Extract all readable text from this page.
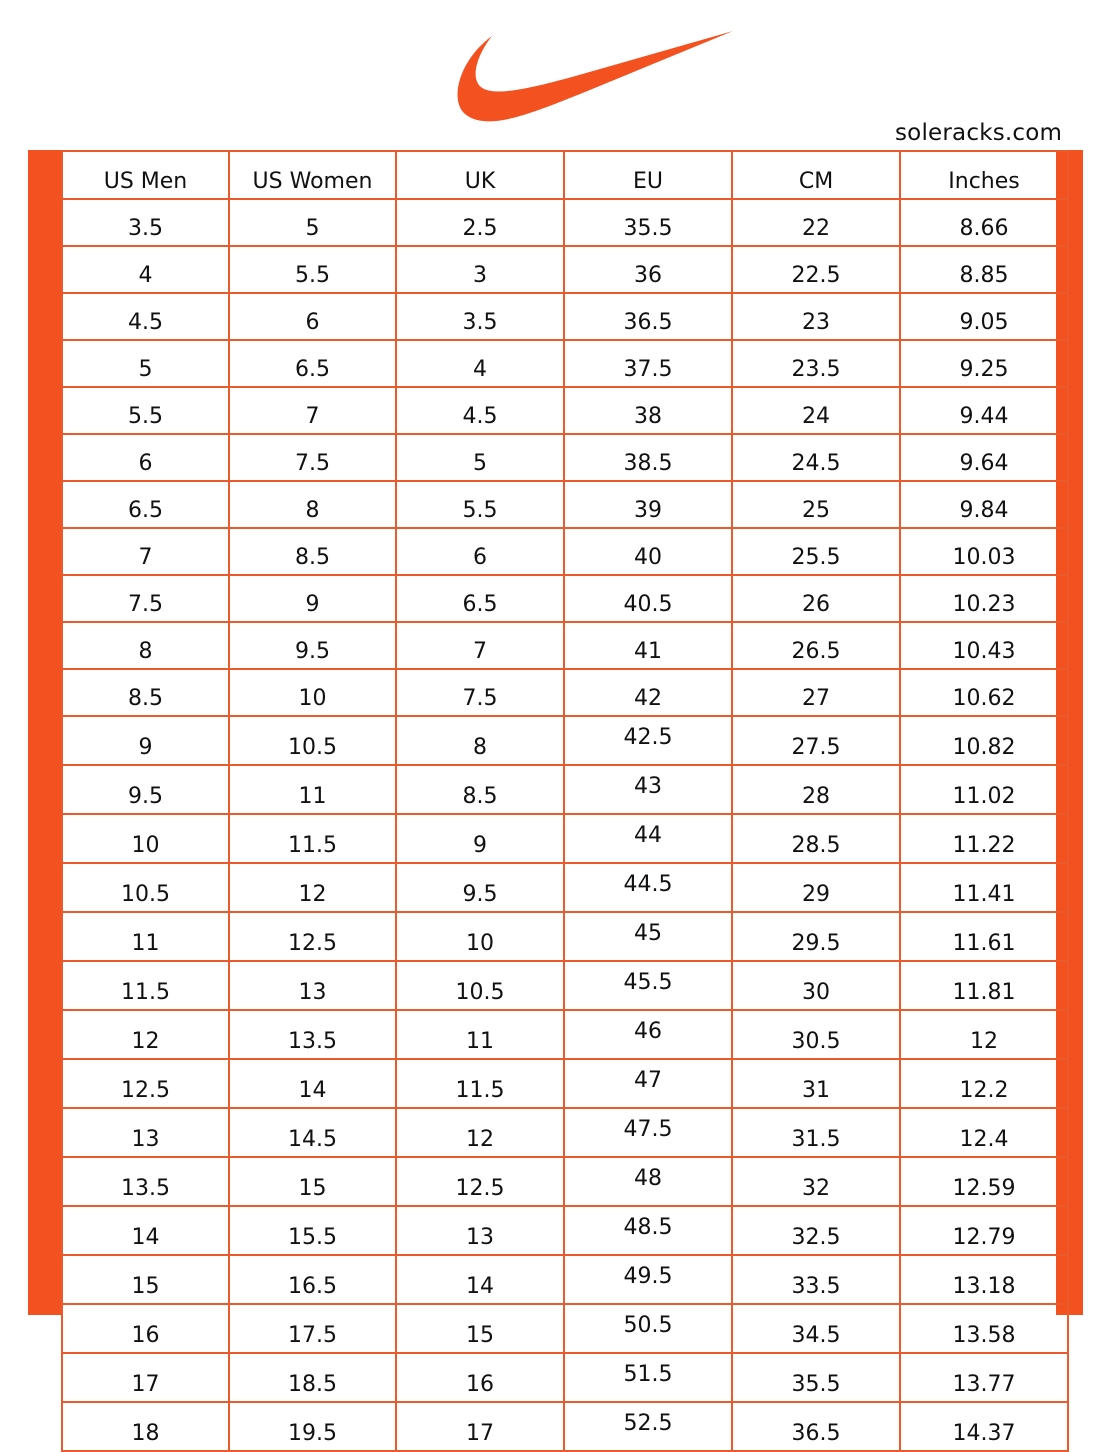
soleracks.com
US Men	US Women	UK	EU	CM	Inches
3.5	5	2.5	35.5	22	8.66
4	5.5	3	36	22.5	8.85
4.5	6	3.5	36.5	23	9.05
5	6.5	4	37.5	23.5	9.25
5.5	7	4.5	38	24	9.44
6	7.5	5	38.5	24.5	9.64
6.5	8	5.5	39	25	9.84
7	8.5	6	40	25.5	10.03
7.5	9	6.5	40.5	26	10.23
8	9.5	7	41	26.5	10.43
8.5	10	7.5	42	27	10.62
9	10.5	8	42.5	27.5	10.82
9.5	11	8.5	43	28	11.02
10	11.5	9	44	28.5	11.22
10.5	12	9.5	44.5	29	11.41
11	12.5	10	45	29.5	11.61
11.5	13	10.5	45.5	30	11.81
12	13.5	11	46	30.5	12
12.5	14	11.5	47	31	12.2
13	14.5	12	47.5	31.5	12.4
13.5	15	12.5	48	32	12.59
14	15.5	13	48.5	32.5	12.79
15	16.5	14	49.5	33.5	13.18
16	17.5	15	50.5	34.5	13.58
17	18.5	16	51.5	35.5	13.77
18	19.5	17	52.5	36.5	14.37
